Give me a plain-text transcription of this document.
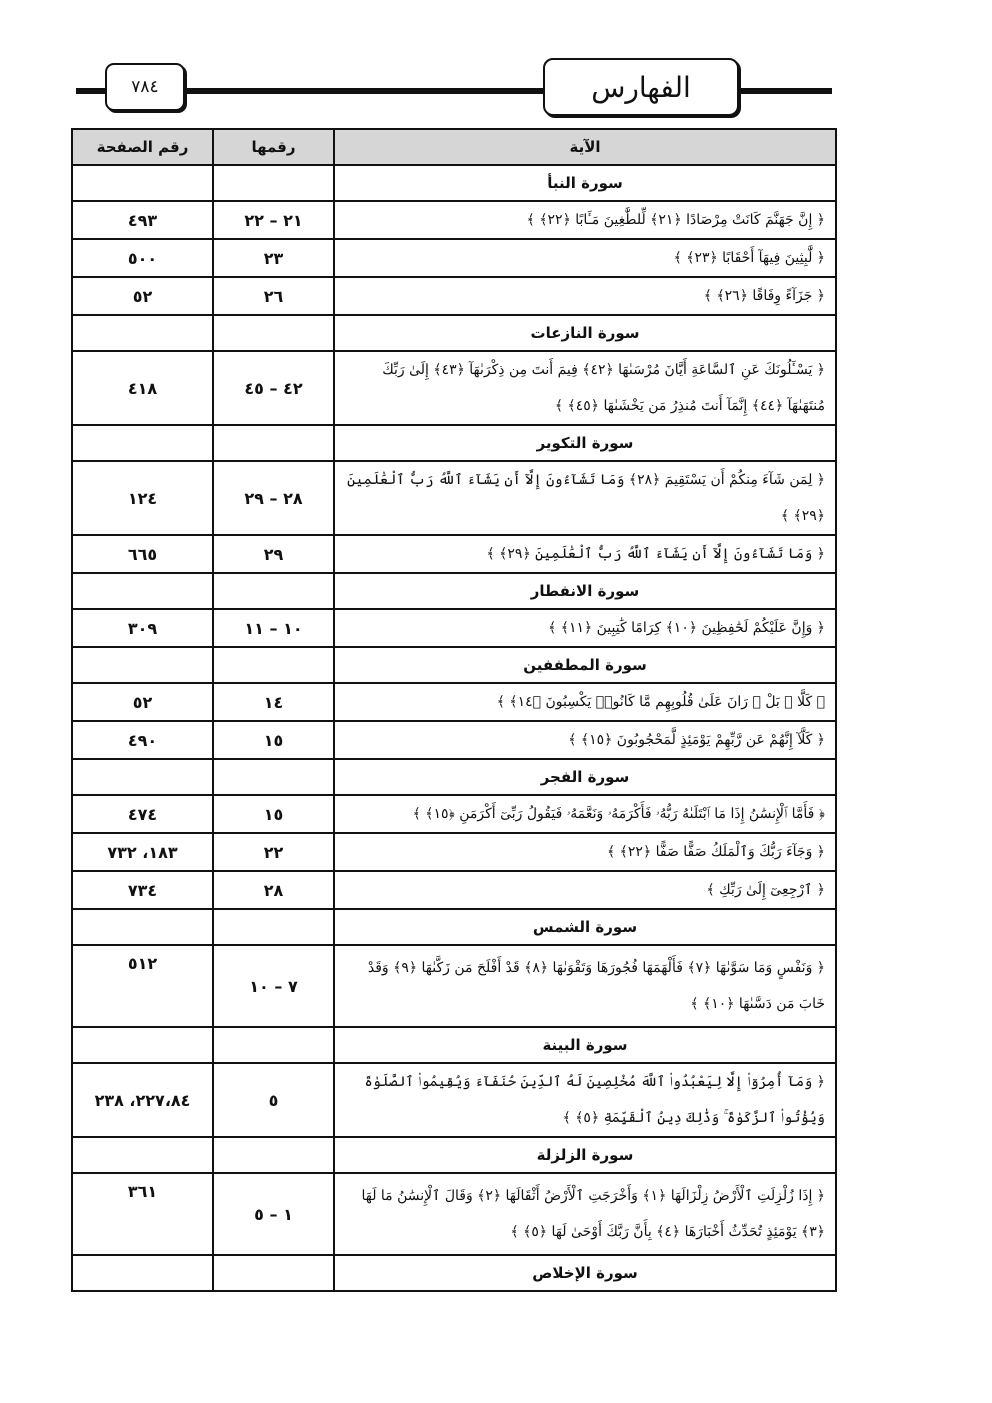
٧٨٤	الفهارس
الآية	رقمها	رقم الصفحة
سورة النبأ		
﴿ إِنَّ جَهَنَّمَ كَانَتْ مِرْصَادًا ﴿٢١﴾ لِّلطَّٰغِينَ مَـَٔابًا ﴿٢٢﴾ ﴾	٢١ – ٢٢	٤٩٣
﴿ لَّٰبِثِينَ فِيهَآ أَحْقَابًا ﴿٢٣﴾ ﴾	٢٣	٥٠٠
﴿ جَزَآءً وِفَاقًا ﴿٢٦﴾ ﴾	٢٦	٥٢
سورة النازعات		
﴿ يَسْـَٔلُونَكَ عَنِ ٱلسَّاعَةِ أَيَّانَ مُرْسَىٰهَا ﴿٤٢﴾ فِيمَ أَنتَ مِن ذِكْرَىٰهَآ ﴿٤٣﴾ إِلَىٰ رَبِّكَ مُنتَهَىٰهَآ ﴿٤٤﴾ إِنَّمَآ أَنتَ مُنذِرُ مَن يَخْشَىٰهَا ﴿٤٥﴾ ﴾	٤٢ – ٤٥	٤١٨
سورة التكوير		
﴿ لِمَن شَآءَ مِنكُمْ أَن يَسْتَقِيمَ ﴿٢٨﴾ وَمَا تَشَآءُونَ إِلَّآ أَن يَشَآءَ ٱللَّهُ رَبُّ ٱلْعَٰلَمِينَ ﴿٢٩﴾ ﴾	٢٨ – ٢٩	١٢٤
﴿ وَمَا تَشَآءُونَ إِلَّآ أَن يَشَآءَ ٱللَّهُ رَبُّ ٱلْعَٰلَمِينَ ﴿٢٩﴾ ﴾	٢٩	٦٦٥
سورة الانفطار		
﴿ وَإِنَّ عَلَيْكُمْ لَحَٰفِظِينَ ﴿١٠﴾ كِرَامًا كَٰتِبِينَ ﴿١١﴾ ﴾	١٠ – ١١	٣٠٩
سورة المطففين		
﴿ كَلَّا ۖ بَلْ ۜ رَانَ عَلَىٰ قُلُوبِهِم مَّا كَانُوا۟ يَكْسِبُونَ ﴿١٤﴾ ﴾	١٤	٥٢
﴿ كَلَّآ إِنَّهُمْ عَن رَّبِّهِمْ يَوْمَئِذٍ لَّمَحْجُوبُونَ ﴿١٥﴾ ﴾	١٥	٤٩٠
سورة الفجر		
﴿ فَأَمَّا ٱلْإِنسَٰنُ إِذَا مَا ٱبْتَلَىٰهُ رَبُّهُۥ فَأَكْرَمَهُۥ وَنَعَّمَهُۥ فَيَقُولُ رَبِّىٓ أَكْرَمَنِ ﴿١٥﴾ ﴾	١٥	٤٧٤
﴿ وَجَآءَ رَبُّكَ وَٱلْمَلَكُ صَفًّا صَفًّا ﴿٢٢﴾ ﴾	٢٢	١٨٣، ٧٣٢
﴿ ٱرْجِعِىٓ إِلَىٰ رَبِّكِ ﴾	٢٨	٧٣٤
سورة الشمس		
﴿ وَنَفْسٍ وَمَا سَوَّىٰهَا ﴿٧﴾ فَأَلْهَمَهَا فُجُورَهَا وَتَقْوَىٰهَا ﴿٨﴾ قَدْ أَفْلَحَ مَن زَكَّىٰهَا ﴿٩﴾ وَقَدْ خَابَ مَن دَسَّىٰهَا ﴿١٠﴾ ﴾	٧ – ١٠	٥١٢
سورة البينة		
﴿ وَمَآ أُمِرُوٓا۟ إِلَّا لِيَعْبُدُوا۟ ٱللَّهَ مُخْلِصِينَ لَهُ ٱلدِّينَ حُنَفَآءَ وَيُقِيمُوا۟ ٱلصَّلَوٰةَ وَيُؤْتُوا۟ ٱلزَّكَوٰةَ ۚ وَذَٰلِكَ دِينُ ٱلْقَيِّمَةِ ﴿٥﴾ ﴾	٥	٢٢٧،٨٤، ٢٣٨
سورة الزلزلة		
﴿ إِذَا زُلْزِلَتِ ٱلْأَرْضُ زِلْزَالَهَا ﴿١﴾ وَأَخْرَجَتِ ٱلْأَرْضُ أَثْقَالَهَا ﴿٢﴾ وَقَالَ ٱلْإِنسَٰنُ مَا لَهَا ﴿٣﴾ يَوْمَئِذٍ تُحَدِّثُ أَخْبَارَهَا ﴿٤﴾ بِأَنَّ رَبَّكَ أَوْحَىٰ لَهَا ﴿٥﴾ ﴾	١ – ٥	٣٦١
سورة الإخلاص		
